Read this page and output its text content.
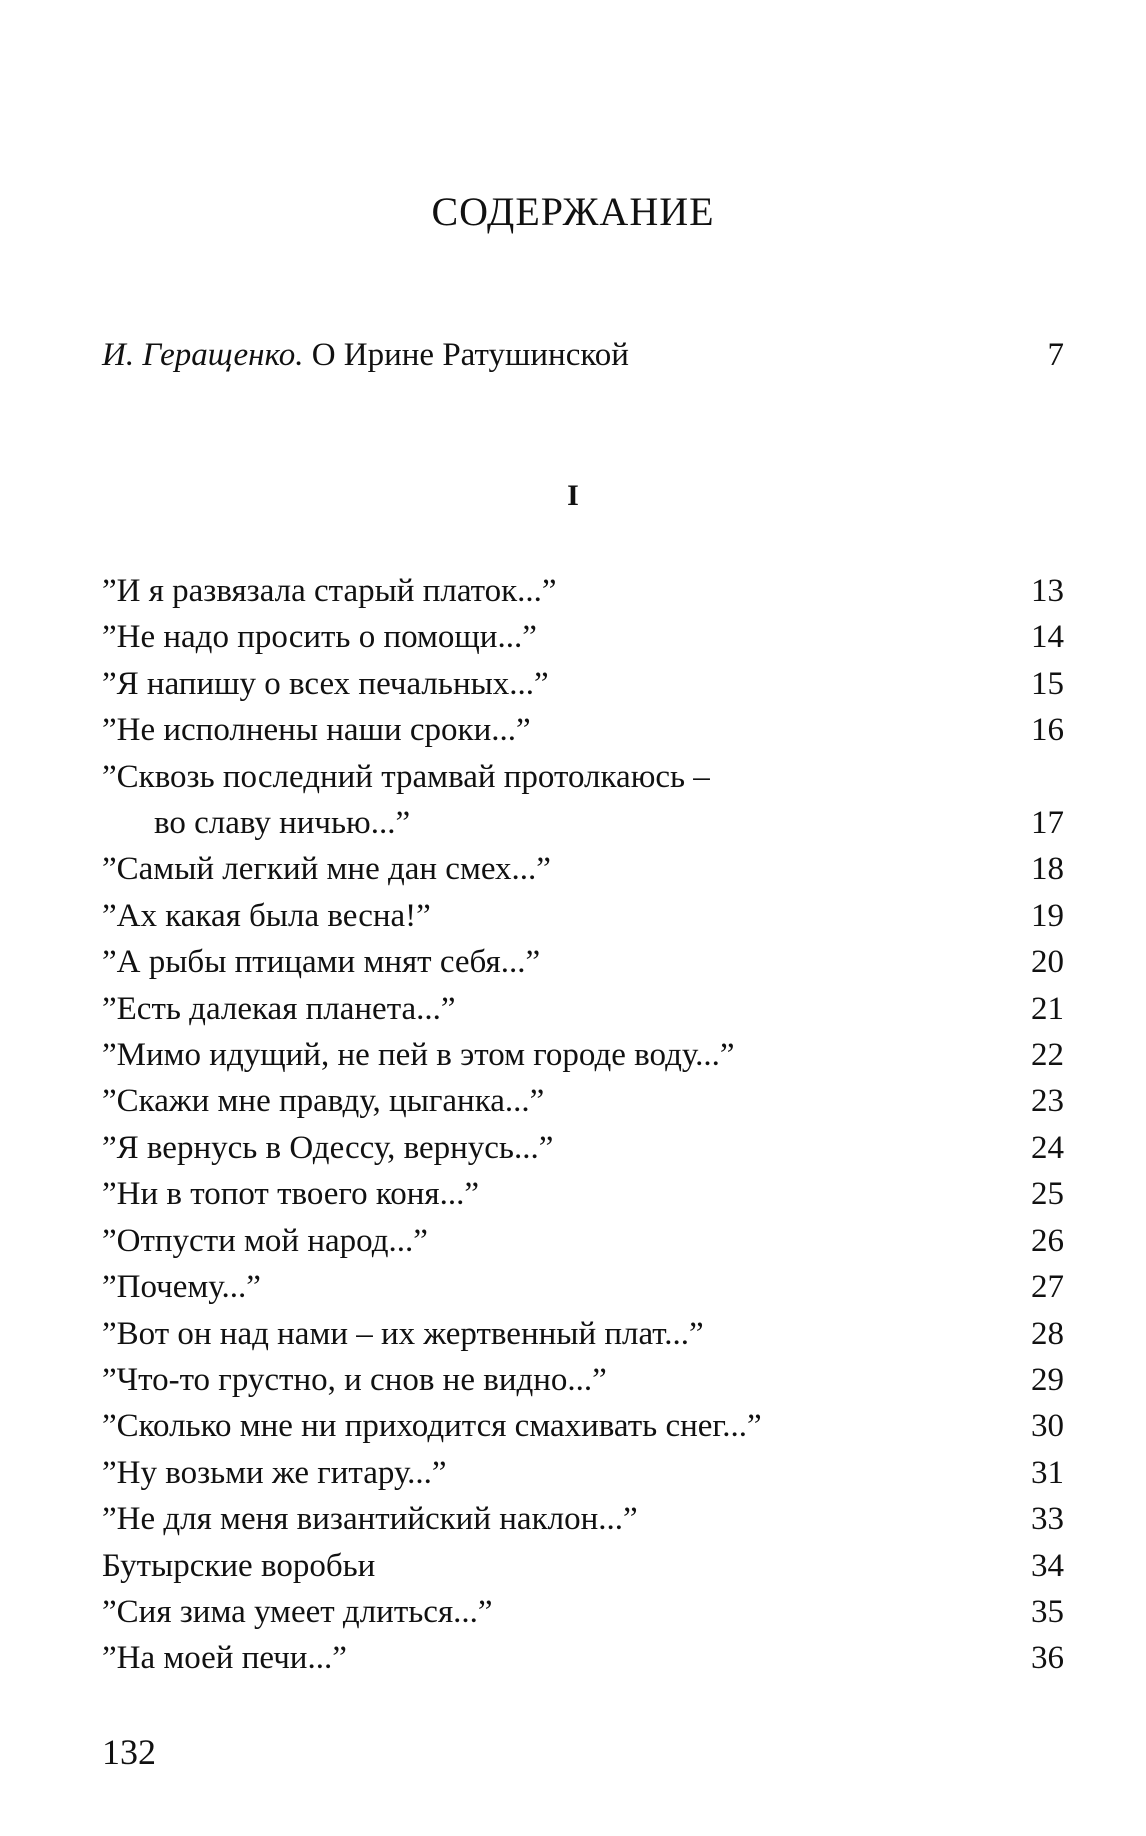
СОДЕРЖАНИЕ
И. Геращенко. О Ирине Ратушинской	7
I
”И я развязала старый платок...”	13
”Не надо просить о помощи...”	14
”Я напишу о всех печальных...”	15
”Не исполнены наши сроки...”	16
”Сквозь последний трамвай протолкаюсь –
во славу ничью...”	17
”Самый легкий мне дан смех...”	18
”Ах какая была весна!”	19
”А рыбы птицами мнят себя...”	20
”Есть далекая планета...”	21
”Мимо идущий, не пей в этом городе воду...”	22
”Скажи мне правду, цыганка...”	23
”Я вернусь в Одессу, вернусь...”	24
”Ни в топот твоего коня...”	25
”Отпусти мой народ...”	26
”Почему...”	27
”Вот он над нами – их жертвенный плат...”	28
”Что-то грустно, и снов не видно...”	29
”Сколько мне ни приходится смахивать снег...”	30
”Ну возьми же гитару...”	31
”Не для меня византийский наклон...”	33
Бутырские воробьи	34
”Сия зима умеет длиться...”	35
”На моей печи...”	36
132
